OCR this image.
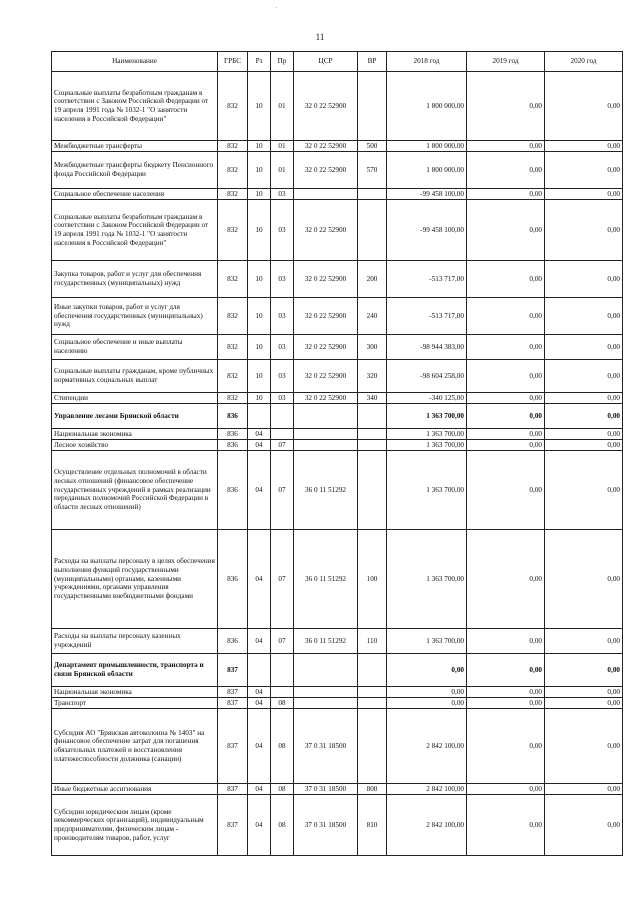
'
11
Наименование	ГРБС	Рз	Пр	ЦСР	ВР	2018 год	2019 год	2020 год
Социальные выплаты безработным гражданам в соответствии с Законом Российской Федерации от 19 апреля 1991 года № 1032-1 "О занятости населения в Российской Федерации"	832	10	01	32 0 22 52900		1 800 000,00	0,00	0,00
Межбюджетные трансферты	832	10	01	32 0 22 52900	500	1 800 000,00	0,00	0,00
Межбюджетные трансферты бюджету Пенсионного фонда Российской Федерации	832	10	01	32 0 22 52900	570	1 800 000,00	0,00	0,00
Социальное обеспечение населения	832	10	03			-99 458 100,00	0,00	0,00
Социальные выплаты безработным гражданам в соответствии с Законом Российской Федерации от 19 апреля 1991 года № 1032-1 "О занятости населения в Российской Федерации"	832	10	03	32 0 22 52900		-99 458 100,00	0,00	0,00
Закупка товаров, работ и услуг для обеспечения государственных (муниципальных) нужд	832	10	03	32 0 22 52900	200	-513 717,00	0,00	0,00
Иные закупки товаров, работ и услуг для обеспечения государственных (муниципальных) нужд	832	10	03	32 0 22 52900	240	-513 717,00	0,00	0,00
Социальное обеспечение и иные выплаты населению	832	10	03	32 0 22 52900	300	-98 944 383,00	0,00	0,00
Социальные выплаты гражданам, кроме публичных нормативных социальных выплат	832	10	03	32 0 22 52900	320	-98 604 258,00	0,00	0,00
Стипендии	832	10	03	32 0 22 52900	340	-340 125,00	0,00	0,00
Управление лесами Брянской области	836					1 363 700,00	0,00	0,00
Национальная экономика	836	04				1 363 700,00	0,00	0,00
Лесное хозяйство	836	04	07			1 363 700,00	0,00	0,00
Осуществление отдельных полномочий в области лесных отношений (финансовое обеспечение государственных учреждений в рамках реализации переданных полномочий Российской Федерации в области лесных отношений)	836	04	07	36 0 11 51292		1 363 700,00	0,00	0,00
Расходы на выплаты персоналу в целях обеспечения выполнения функций государственными (муниципальными) органами, казенными учреждениями, органами управления государственными внебюджетными фондами	836	04	07	36 0 11 51292	100	1 363 700,00	0,00	0,00
Расходы на выплаты персоналу казенных учреждений	836	04	07	36 0 11 51292	110	1 363 700,00	0,00	0,00
Департамент промышленности, транспорта и связи Брянской области	837					0,00	0,00	0,00
Национальная экономика	837	04				0,00	0,00	0,00
Транспорт	837	04	08			0,00	0,00	0,00
Субсидия АО "Брянская автоколонна № 1403" на финансовое обеспечение затрат для погашения обязательных платежей и восстановления платежеспособности должника (санации)	837	04	08	37 0 31 18500		2 842 100,00	0,00	0,00
Иные бюджетные ассигнования	837	04	08	37 0 31 18500	800	2 842 100,00	0,00	0,00
Субсидии юридическим лицам (кроме некоммерческих организаций), индивидуальным предпринимателям, физическим лицам - производителям товаров, работ, услуг	837	04	08	37 0 31 18500	810	2 842 100,00	0,00	0,00
